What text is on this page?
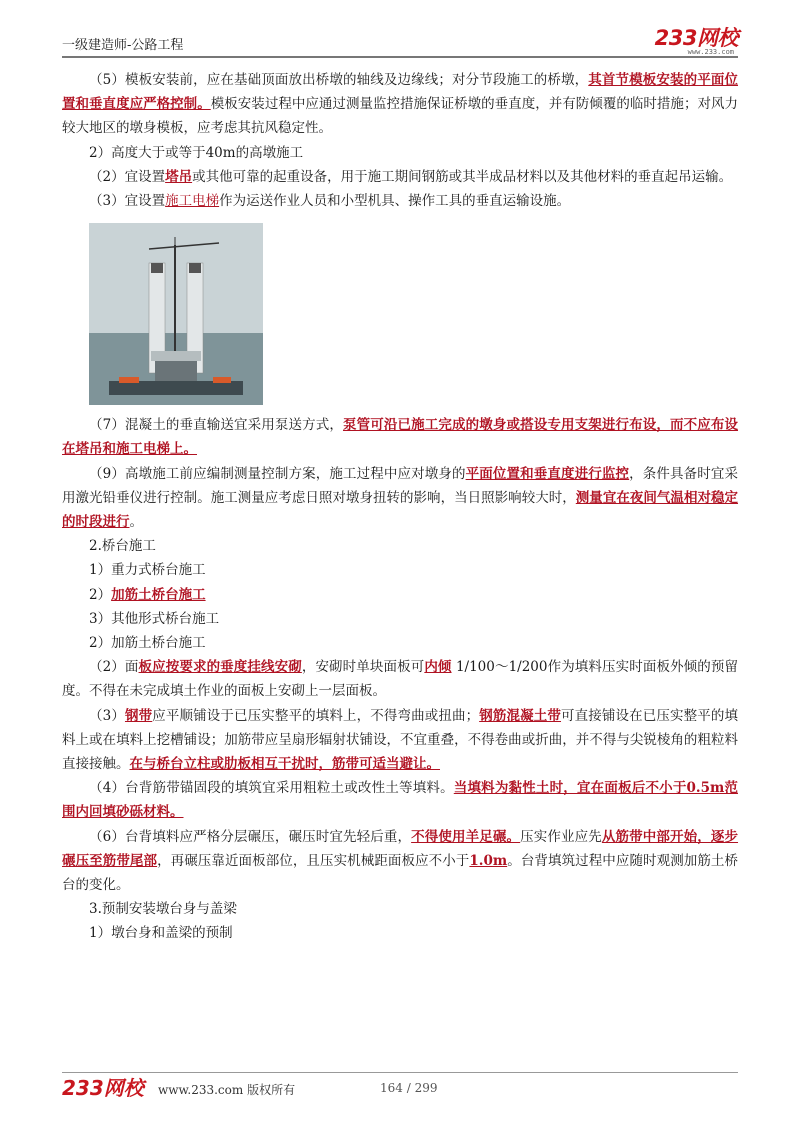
一级建造师-公路工程	233网校
www.233.com

（5）模板安装前，应在基础顶面放出桥墩的轴线及边缘线；对分节段施工的桥墩，其首节模板安装的平面位置和垂直度应严格控制。模板安装过程中应通过测量监控措施保证桥墩的垂直度，并有防倾覆的临时措施；对风力较大地区的墩身模板，应考虑其抗风稳定性。

2）高度大于或等于40m的高墩施工

（2）宜设置塔吊或其他可靠的起重设备，用于施工期间钢筋或其半成品材料以及其他材料的垂直起吊运输。

（3）宜设置施工电梯作为运送作业人员和小型机具、操作工具的垂直运输设施。

（7）混凝土的垂直输送宜采用泵送方式，泵管可沿已施工完成的墩身或搭设专用支架进行布设，而不应布设在塔吊和施工电梯上。

（9）高墩施工前应编制测量控制方案，施工过程中应对墩身的平面位置和垂直度进行监控，条件具备时宜采用激光铅垂仪进行控制。施工测量应考虑日照对墩身扭转的影响，当日照影响较大时，测量宜在夜间气温相对稳定的时段进行。

2.桥台施工

1）重力式桥台施工

2）加筋土桥台施工

3）其他形式桥台施工

2）加筋土桥台施工

（2）面板应按要求的垂度挂线安砌，安砌时单块面板可内倾 1/100～1/200作为填料压实时面板外倾的预留度。不得在未完成填土作业的面板上安砌上一层面板。

（3）钢带应平顺铺设于已压实整平的填料上，不得弯曲或扭曲；钢筋混凝土带可直接铺设在已压实整平的填料上或在填料上挖槽铺设；加筋带应呈扇形辐射状铺设，不宜重叠，不得卷曲或折曲，并不得与尖锐棱角的粗粒料直接接触。在与桥台立柱或肋板相互干扰时，筋带可适当避让。

（4）台背筋带锚固段的填筑宜采用粗粒土或改性土等填料。当填料为黏性土时，宜在面板后不小于0.5m范围内回填砂砾材料。

（6）台背填料应严格分层碾压，碾压时宜先轻后重，不得使用羊足碾。压实作业应先从筋带中部开始，逐步碾压至筋带尾部，再碾压靠近面板部位，且压实机械距面板应不小于1.0m。台背填筑过程中应随时观测加筋土桥台的变化。

3.预制安装墩台身与盖梁

1）墩台身和盖梁的预制

233网校 www.233.com 版权所有	164 / 299
